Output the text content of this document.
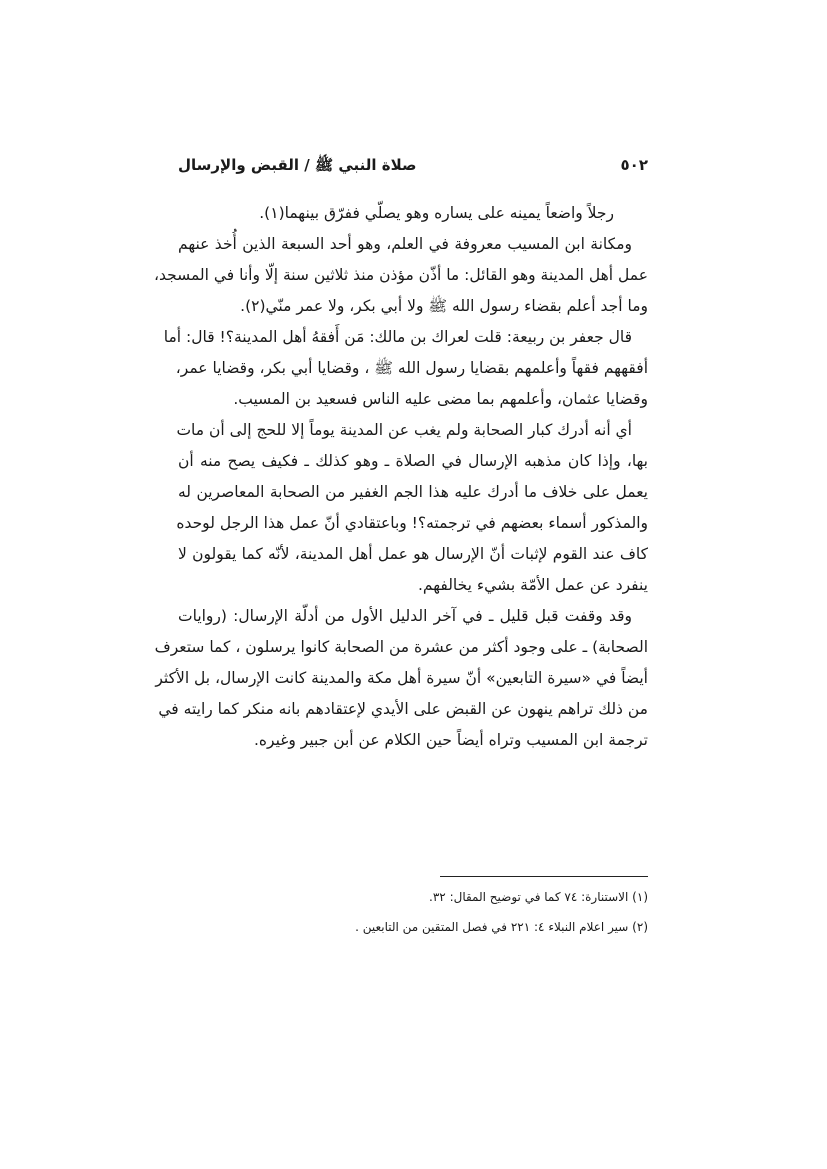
٥٠٢
صلاة النبي ﷺ / القبض والإرسال
رجلاً واضعاً يمينه على يساره وهو يصلّي ففرّق بينهما(١).
ومكانة ابن المسيب معروفة في العلم، وهو أحد السبعة الذين أُخذ عنهم
عمل أهل المدينة وهو القائل: ما أذّن مؤذن منذ ثلاثين سنة إلّا وأنا في المسجد،
وما أجد أعلم بقضاء رسول الله ﷺ ولا أبي بكر، ولا عمر منّي(٢).
قال جعفر بن ربيعة: قلت لعراك بن مالك: مَن أَفقهُ أهل المدينة؟! قال: أما
أفقههم فقهاً وأعلمهم بقضايا رسول الله ﷺ ، وقضايا أبي بكر، وقضايا عمر،
وقضايا عثمان، وأعلمهم بما مضى عليه الناس فسعيد بن المسيب.
أي أنه أدرك كبار الصحابة ولم يغب عن المدينة يوماً إلا للحج إلى أن مات
بها، وإذا كان مذهبه الإرسال في الصلاة ـ وهو كذلك ـ فكيف يصح منه أن
يعمل على خلاف ما أدرك عليه هذا الجم الغفير من الصحابة المعاصرين له
والمذكور أسماء بعضهم في ترجمته؟! وباعتقادي أنّ عمل هذا الرجل لوحده
كاف عند القوم لإثبات أنّ الإرسال هو عمل أهل المدينة، لأنّه كما يقولون لا
ينفرد عن عمل الأمّة بشيء يخالفهم.
وقد وقفت قبل قليل ـ في آخر الدليل الأول من أدلّة الإرسال: (روايات
الصحابة) ـ على وجود أكثر من عشرة من الصحابة كانوا يرسلون ، كما ستعرف
أيضاً في «سيرة التابعين» أنّ سيرة أهل مكة والمدينة كانت الإرسال، بل الأكثر
من ذلك تراهم ينهون عن القبض على الأيدي لإعتقادهم بانه منكر كما رايته في
ترجمة ابن المسيب وتراه أيضاً حين الكلام عن أبن جبير وغيره.
(١) الاستنارة: ٧٤ كما في توضيح المقال: ٣٢.
(٢) سير اعلام النبلاء ٤: ٢٢١ في فصل المتقين من التابعين .
